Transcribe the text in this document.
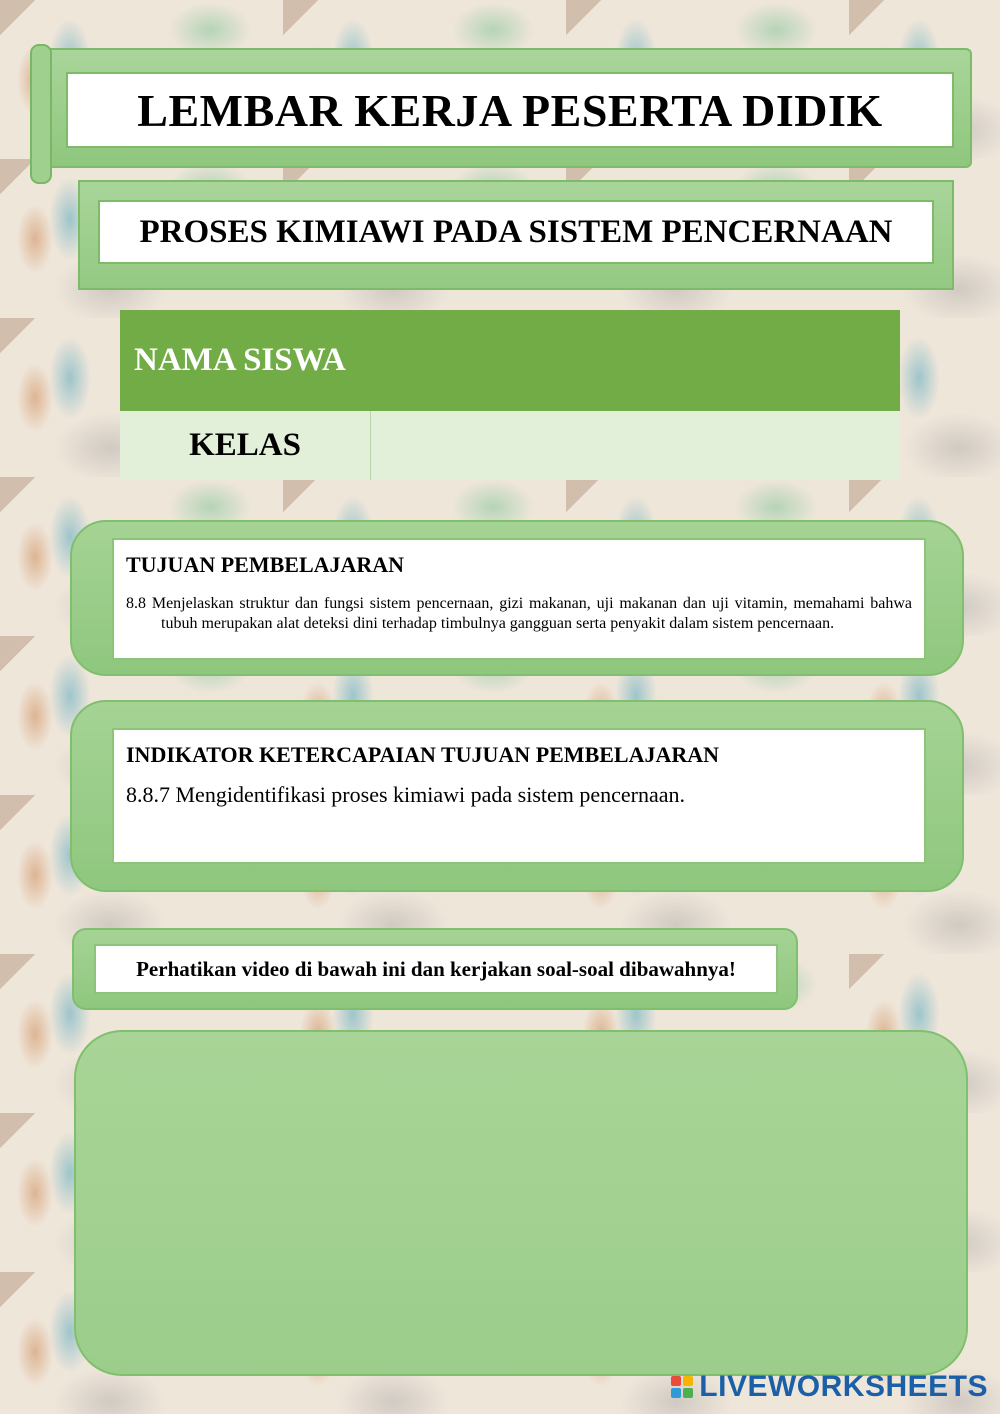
LEMBAR KERJA PESERTA DIDIK
PROSES KIMIAWI PADA SISTEM PENCERNAAN
NAMA SISWA
KELAS
TUJUAN PEMBELAJARAN
8.8 Menjelaskan struktur dan fungsi sistem pencernaan, gizi makanan, uji makanan dan uji vitamin, memahami bahwa tubuh merupakan alat deteksi dini terhadap timbulnya gangguan serta penyakit dalam sistem pencernaan.
INDIKATOR KETERCAPAIAN TUJUAN PEMBELAJARAN
8.8.7 Mengidentifikasi proses kimiawi pada sistem pencernaan.

Perhatikan video di bawah ini dan kerjakan soal-soal dibawahnya!

LIVEWORKSHEETS
